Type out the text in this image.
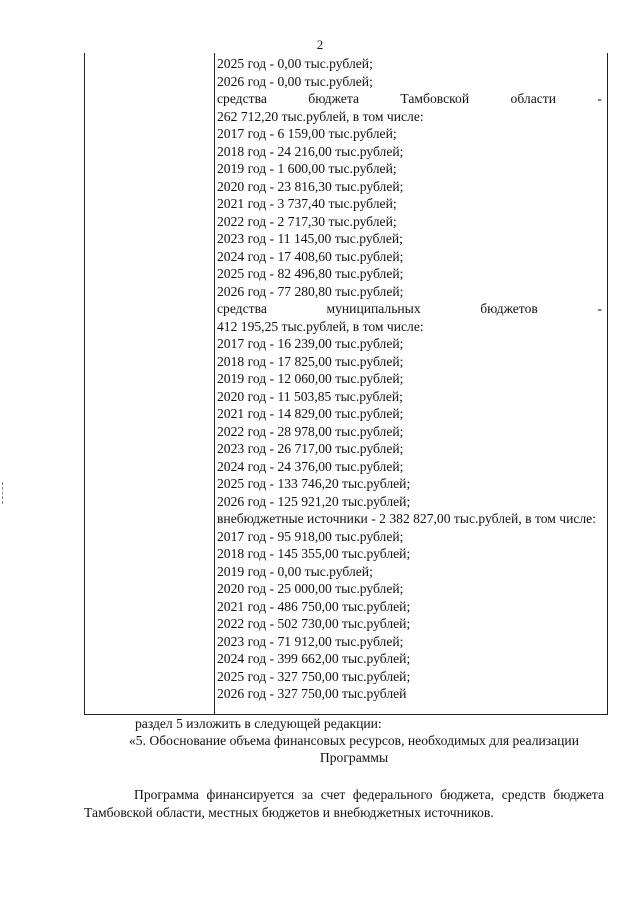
2
2025 год - 0,00 тыс.рублей;
2026 год - 0,00 тыс.рублей;
средства	бюджета	Тамбовской	области	-
262 712,20 тыс.рублей, в том числе:
2017 год - 6 159,00 тыс.рублей;
2018 год - 24 216,00 тыс.рублей;
2019 год - 1 600,00 тыс.рублей;
2020 год - 23 816,30 тыс.рублей;
2021 год - 3 737,40 тыс.рублей;
2022 год - 2 717,30 тыс.рублей;
2023 год - 11 145,00 тыс.рублей;
2024 год - 17 408,60 тыс.рублей;
2025 год - 82 496,80 тыс.рублей;
2026 год - 77 280,80 тыс.рублей;
средства	муниципальных	бюджетов	-
412 195,25 тыс.рублей, в том числе:
2017 год - 16 239,00 тыс.рублей;
2018 год - 17 825,00 тыс.рублей;
2019 год - 12 060,00 тыс.рублей;
2020 год - 11 503,85 тыс.рублей;
2021 год - 14 829,00 тыс.рублей;
2022 год - 28 978,00 тыс.рублей;
2023 год - 26 717,00 тыс.рублей;
2024 год - 24 376,00 тыс.рублей;
2025 год - 133 746,20 тыс.рублей;
2026 год - 125 921,20 тыс.рублей;
внебюджетные источники - 2 382 827,00 тыс.рублей, в том числе:
2017 год - 95 918,00 тыс.рублей;
2018 год - 145 355,00 тыс.рублей;
2019 год - 0,00 тыс.рублей;
2020 год - 25 000,00 тыс.рублей;
2021 год - 486 750,00 тыс.рублей;
2022 год - 502 730,00 тыс.рублей;
2023 год - 71 912,00 тыс.рублей;
2024 год - 399 662,00 тыс.рублей;
2025 год - 327 750,00 тыс.рублей;
2026 год - 327 750,00 тыс.рублей
раздел 5 изложить в следующей редакции:
«5. Обоснование объема финансовых ресурсов, необходимых для реализации Программы
Программа финансируется за счет федерального бюджета, средств бюджета Тамбовской области, местных бюджетов и внебюджетных источников.
